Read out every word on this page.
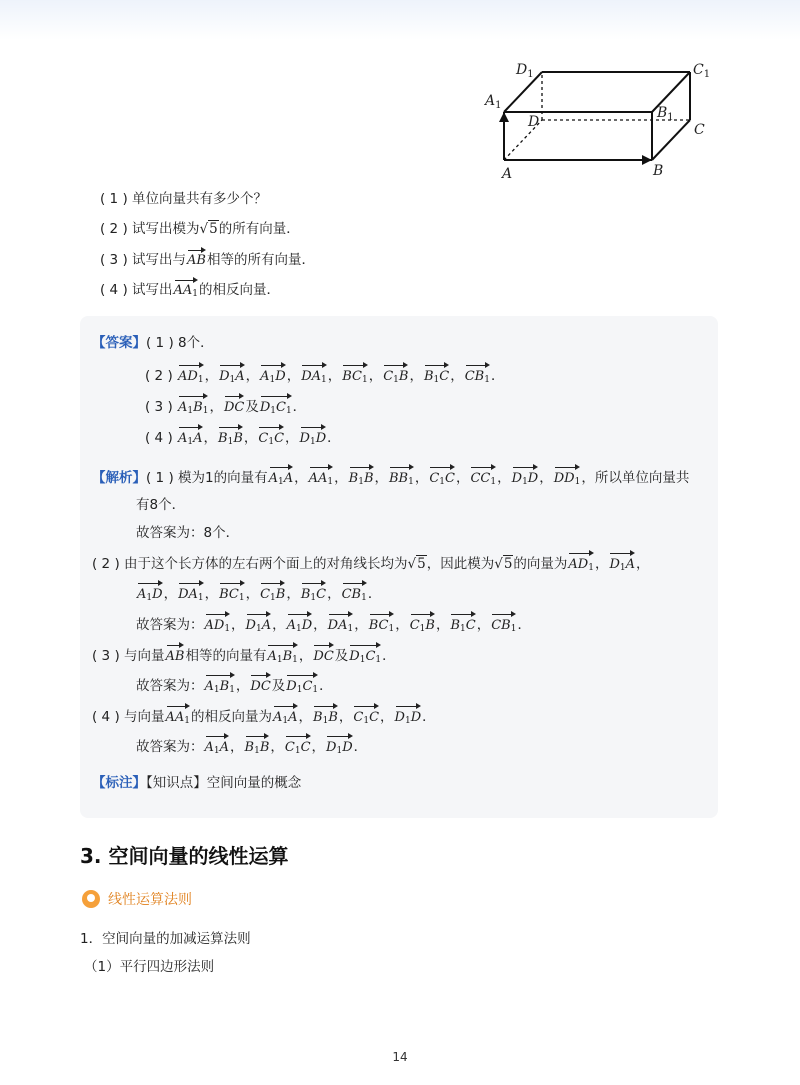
A	B
C
D
$A_1$	$B_1$
$C_1$
$D_1$
( 1 ) 单位向量共有多少个？
( 2 ) 试写出模为√5的所有向量．
( 3 ) 试写出与AB相等的所有向量．
( 4 ) 试写出$AA_1$的相反向量．
【答案】( 1 ) 8个．
( 2 ) $AD_1$，$D_1A$，$A_1D$，$DA_1$，$BC_1$，$C_1B$，$B_1C$，$CB_1$．
( 3 ) $A_1B_1$，DC及$D_1C_1$．
( 4 ) $A_1A$，$B_1B$，$C_1C$，$D_1D$．
【解析】( 1 ) 模为1的向量有$A_1A$，$AA_1$，$B_1B$，$BB_1$，$C_1C$，$CC_1$，$D_1D$，$DD_1$，所以单位向量共
有8个．
故答案为：8个．
( 2 ) 由于这个长方体的左右两个面上的对角线长均为√5，因此模为√5的向量为$AD_1$，$D_1A$，
$A_1D$，$DA_1$，$BC_1$，$C_1B$，$B_1C$，$CB_1$．
故答案为：$AD_1$，$D_1A$，$A_1D$，$DA_1$，$BC_1$，$C_1B$，$B_1C$，$CB_1$．
( 3 ) 与向量AB相等的向量有$A_1B_1$，DC及$D_1C_1$．
故答案为：$A_1B_1$，DC及$D_1C_1$．
( 4 ) 与向量$AA_1$的相反向量为$A_1A$，$B_1B$，$C_1C$，$D_1D$．
故答案为：$A_1A$，$B_1B$，$C_1C$，$D_1D$．
【标注】【知识点】空间向量的概念
3. 空间向量的线性运算
线性运算法则
1．空间向量的加减运算法则
（1）平行四边形法则
14
